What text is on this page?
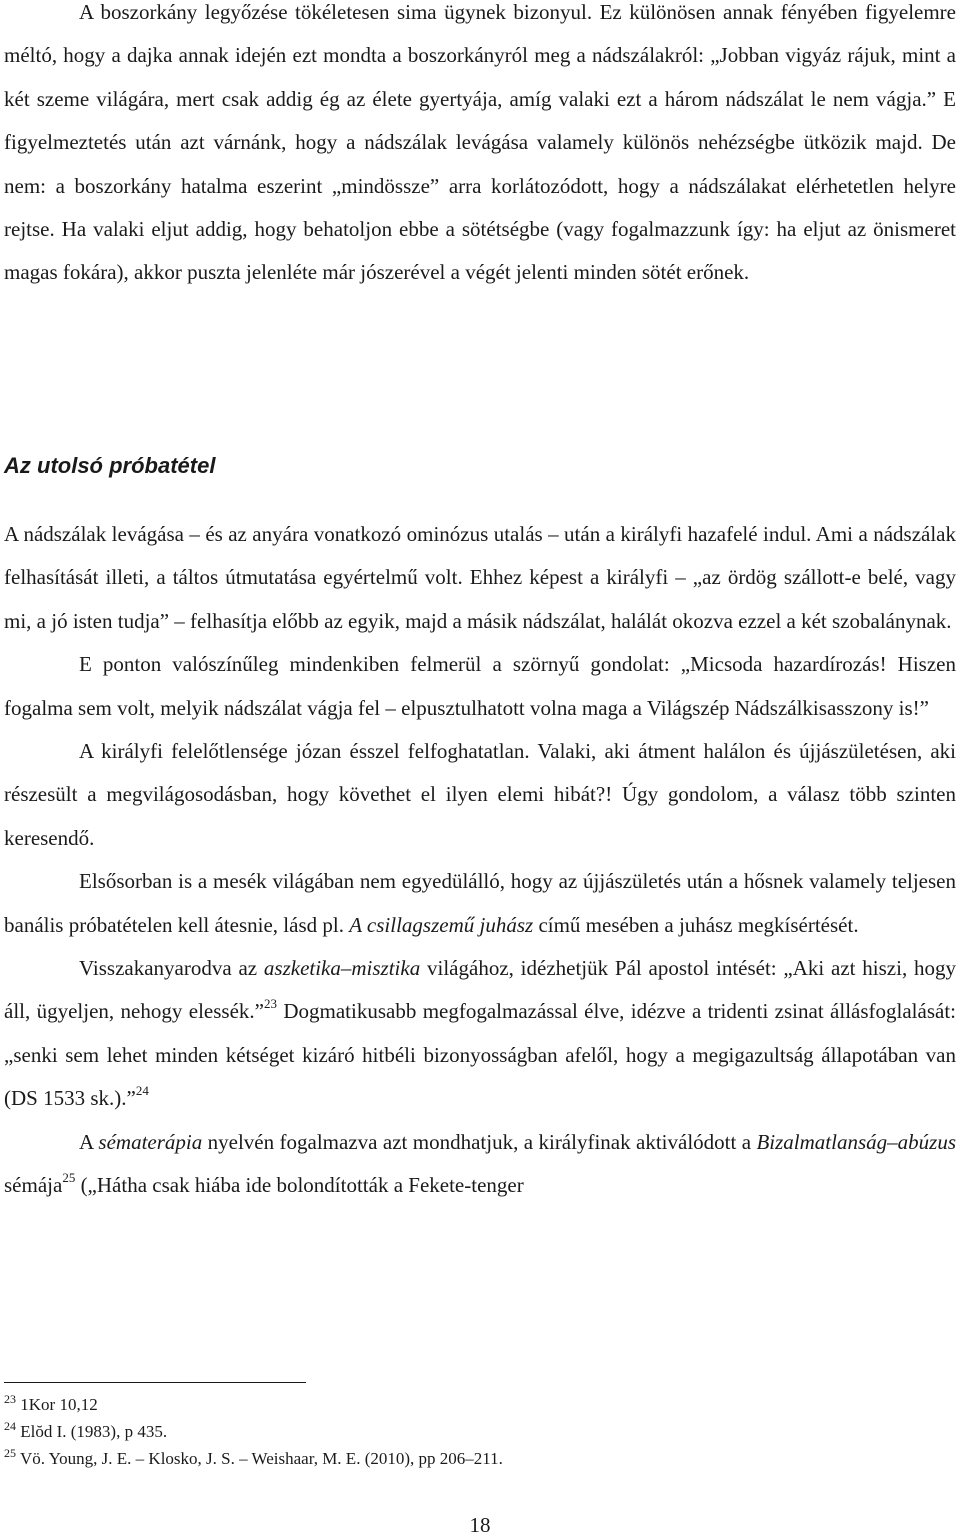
A boszorkány legyőzése tökéletesen sima ügynek bizonyul. Ez különösen annak fényében figyelemre méltó, hogy a dajka annak idején ezt mondta a boszorkányról meg a nádszálakról: „Jobban vigyáz rájuk, mint a két szeme világára, mert csak addig ég az élete gyertyája, amíg valaki ezt a három nádszálat le nem vágja.” E figyelmeztetés után azt várnánk, hogy a nádszálak levágása valamely különös nehézségbe ütközik majd. De nem: a boszorkány hatalma eszerint „mindössze” arra korlátozódott, hogy a nádszálakat elérhetetlen helyre rejtse. Ha valaki eljut addig, hogy behatoljon ebbe a sötétségbe (vagy fogalmazzunk így: ha eljut az önismeret magas fokára), akkor puszta jelenléte már jószerével a végét jelenti minden sötét erőnek.

Az utolsó próbatétel

A nádszálak levágása – és az anyára vonatkozó ominózus utalás – után a királyfi hazafelé indul. Ami a nádszálak felhasítását illeti, a táltos útmutatása egyértelmű volt. Ehhez képest a királyfi – „az ördög szállott-e belé, vagy mi, a jó isten tudja” – felhasítja előbb az egyik, majd a másik nádszálat, halálát okozva ezzel a két szobalánynak.

E ponton valószínűleg mindenkiben felmerül a szörnyű gondolat: „Micsoda hazardírozás! Hiszen fogalma sem volt, melyik nádszálat vágja fel – elpusztulhatott volna maga a Világszép Nádszálkisasszony is!”

A királyfi felelőtlensége józan ésszel felfoghatatlan. Valaki, aki átment halálon és újjászületésen, aki részesült a megvilágosodásban, hogy követhet el ilyen elemi hibát?! Úgy gondolom, a válasz több szinten keresendő.

Elsősorban is a mesék világában nem egyedülálló, hogy az újjászületés után a hősnek valamely teljesen banális próbatételen kell átesnie, lásd pl. A csillagszemű juhász című mesében a juhász megkísértését.

Visszakanyarodva az aszketika–misztika világához, idézhetjük Pál apostol intését: „Aki azt hiszi, hogy áll, ügyeljen, nehogy elessék.”$^{23}$ Dogmatikusabb megfogalmazással élve, idézve a tridenti zsinat állásfoglalását: „senki sem lehet minden kétséget kizáró hitbéli bizonyosságban afelől, hogy a megigazultság állapotában van (DS 1533 sk.).”$^{24}$

A sématerápia nyelvén fogalmazva azt mondhatjuk, a királyfinak aktiválódott a Bizalmatlanság–abúzus sémája$^{25}$ („Hátha csak hiába ide bolondították a Fekete-tenger

$^{23}$ 1Kor 10,12

$^{24}$ Elŏd I. (1983), p 435.

$^{25}$ Vö. Young, J. E. – Klosko, J. S. – Weishaar, M. E. (2010), pp 206–211.

18
